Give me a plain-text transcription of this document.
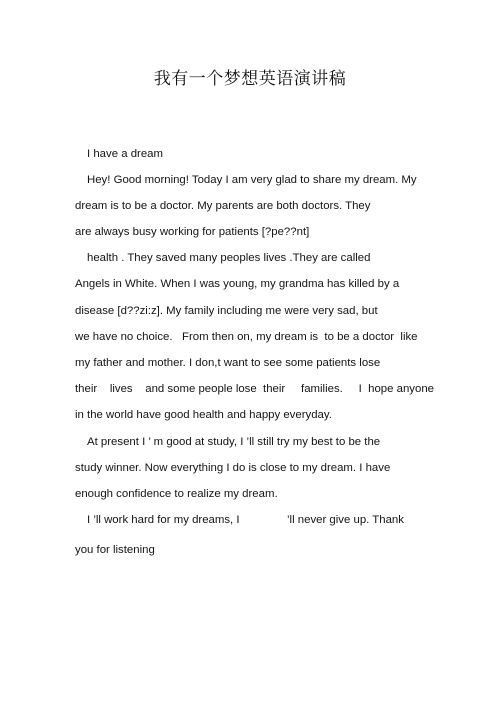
我有一个梦想英语演讲稿
I have a dream
Hey! Good morning! Today I am very glad to share my dream. My
dream is to be a doctor. My parents are both doctors. They
are always busy working for patients [?pe??nt]
health . They saved many peoples lives .They are called
Angels in White. When I was young, my grandma has killed by a
disease [d??zi:z]. My family including me were very sad, but
we have no choice.   From then on, my dream is  to be a doctor  like
my father and mother. I don,t want to see some patients lose
their    lives    and some people lose  their     families.     I  hope anyone
in the world have good health and happy everyday.
At present I ’ m good at study, I ’ll still try my best to be the
study winner. Now everything I do is close to my dream. I have
enough confidence to realize my dream.
I ’ll work hard for my dreams, I               ’ll never give up. Thank
you for listening
